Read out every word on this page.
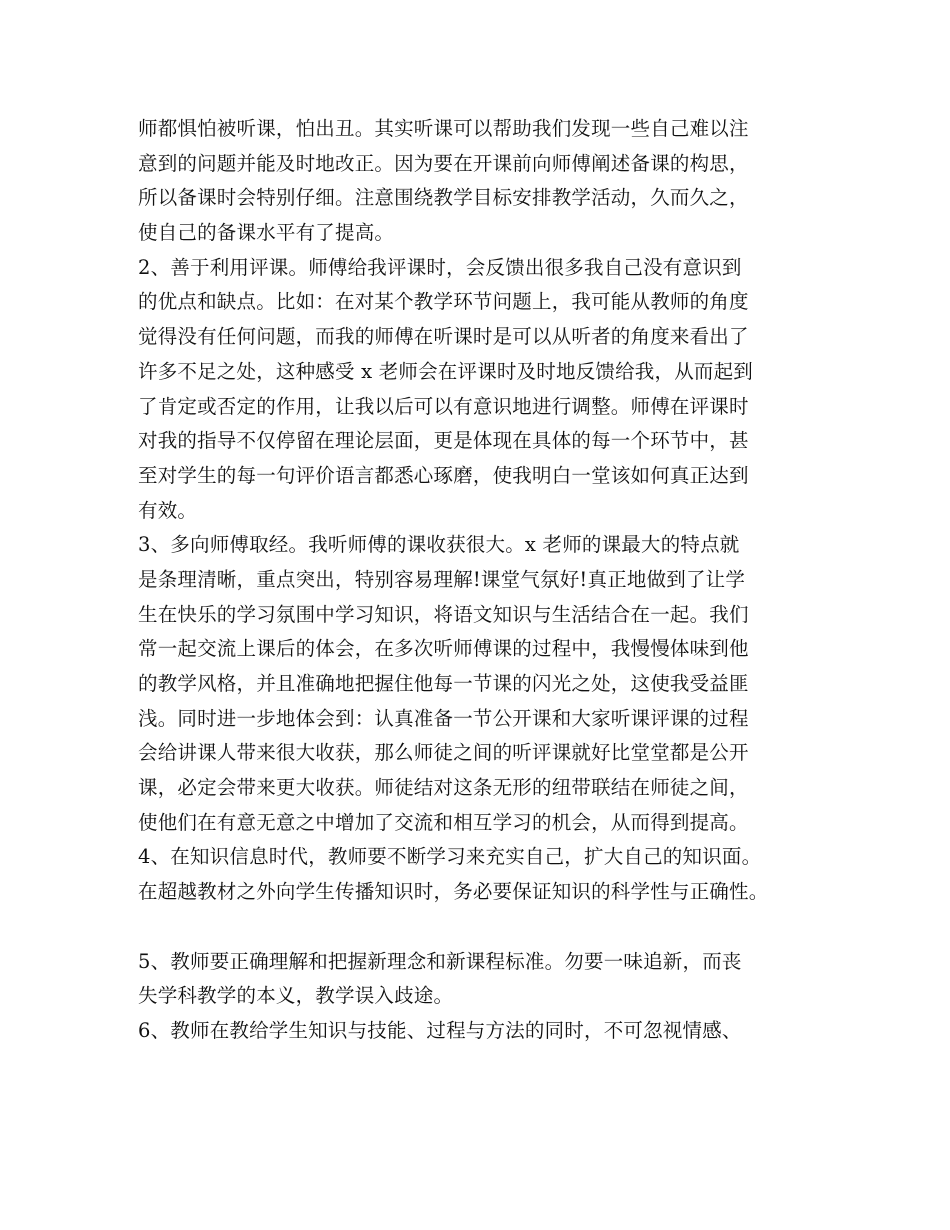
师都惧怕被听课，怕出丑。其实听课可以帮助我们发现一些自己难以注
意到的问题并能及时地改正。因为要在开课前向师傅阐述备课的构思，
所以备课时会特别仔细。注意围绕教学目标安排教学活动，久而久之，
使自己的备课水平有了提高。
2、善于利用评课。师傅给我评课时，会反馈出很多我自己没有意识到
的优点和缺点。比如：在对某个教学环节问题上，我可能从教师的角度
觉得没有任何问题，而我的师傅在听课时是可以从听者的角度来看出了
许多不足之处，这种感受 x 老师会在评课时及时地反馈给我，从而起到
了肯定或否定的作用，让我以后可以有意识地进行调整。师傅在评课时
对我的指导不仅停留在理论层面，更是体现在具体的每一个环节中，甚
至对学生的每一句评价语言都悉心琢磨，使我明白一堂该如何真正达到
有效。
3、多向师傅取经。我听师傅的课收获很大。x 老师的课最大的特点就
是条理清晰，重点突出，特别容易理解!课堂气氛好!真正地做到了让学
生在快乐的学习氛围中学习知识，将语文知识与生活结合在一起。我们
常一起交流上课后的体会，在多次听师傅课的过程中，我慢慢体味到他
的教学风格，并且准确地把握住他每一节课的闪光之处，这使我受益匪
浅。同时进一步地体会到：认真准备一节公开课和大家听课评课的过程
会给讲课人带来很大收获，那么师徒之间的听评课就好比堂堂都是公开
课，必定会带来更大收获。师徒结对这条无形的纽带联结在师徒之间，
使他们在有意无意之中增加了交流和相互学习的机会，从而得到提高。
4、在知识信息时代，教师要不断学习来充实自己，扩大自己的知识面。
在超越教材之外向学生传播知识时，务必要保证知识的科学性与正确性。
5、教师要正确理解和把握新理念和新课程标准。勿要一味追新，而丧
失学科教学的本义，教学误入歧途。
6、教师在教给学生知识与技能、过程与方法的同时，不可忽视情感、
